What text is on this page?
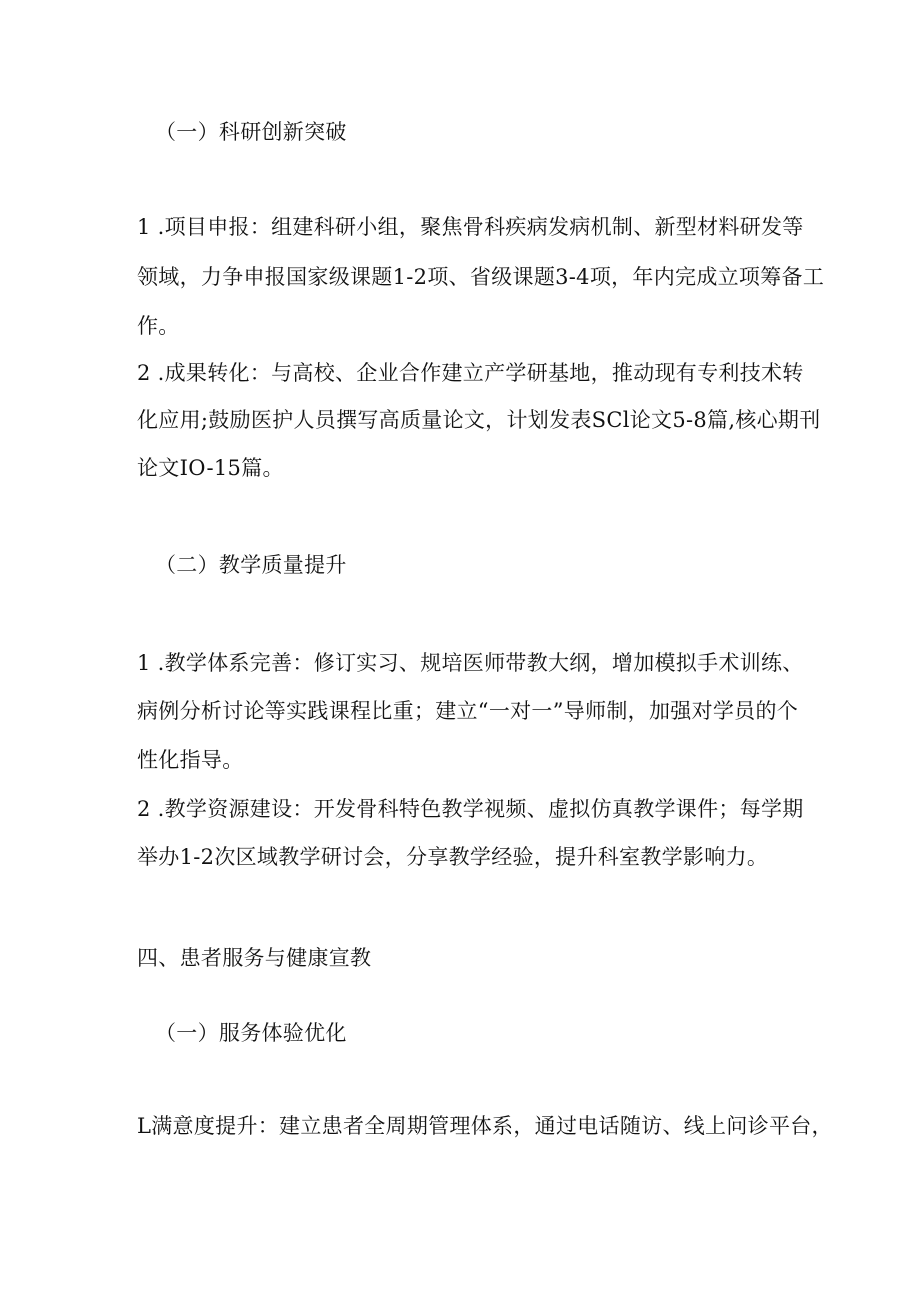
（一）科研创新突破
1 .项目申报：组建科研小组，聚焦骨科疾病发病机制、新型材料研发等
领域，力争申报国家级课题1-2项、省级课题3-4项，年内完成立项筹备工
作。
2 .成果转化：与高校、企业合作建立产学研基地，推动现有专利技术转
化应用;鼓励医护人员撰写高质量论文，计划发表SCl论文5-8篇,核心期刊
论文IO-15篇。
（二）教学质量提升
1 .教学体系完善：修订实习、规培医师带教大纲，增加模拟手术训练、
病例分析讨论等实践课程比重；建立“一对一”导师制，加强对学员的个
性化指导。
2 .教学资源建设：开发骨科特色教学视频、虚拟仿真教学课件；每学期
举办1-2次区域教学研讨会，分享教学经验，提升科室教学影响力。
四、患者服务与健康宣教
（一）服务体验优化
L满意度提升：建立患者全周期管理体系，通过电话随访、线上问诊平台，
